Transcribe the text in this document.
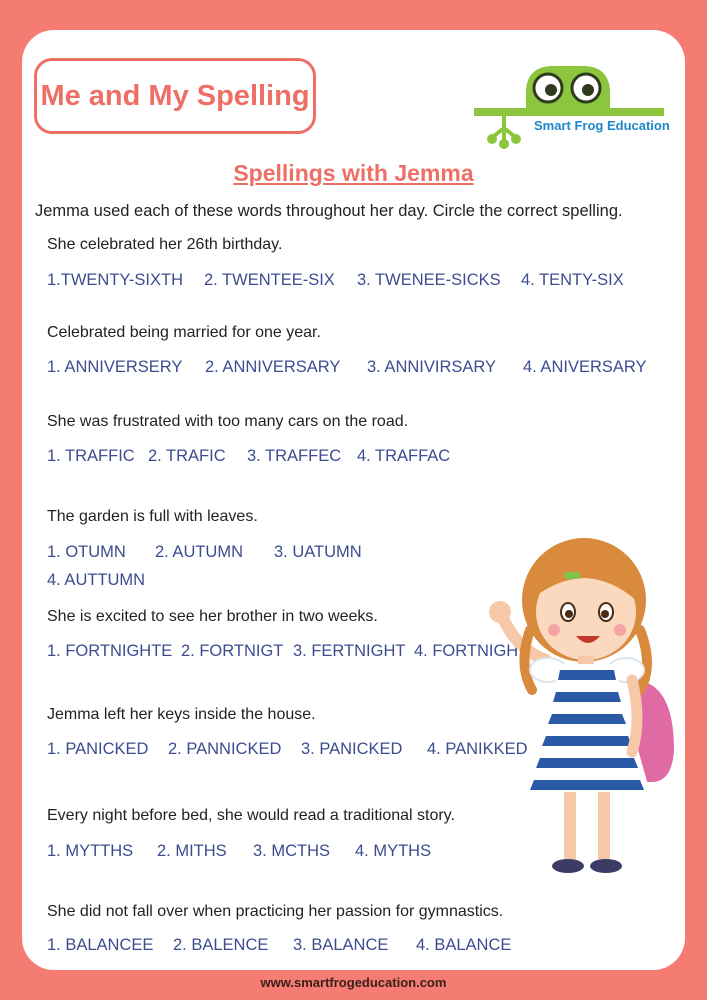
Me and My Spelling
Smart Frog Education
Spellings with Jemma
Jemma used each of these words throughout her day. Circle the correct spelling.
She celebrated her 26th birthday.
1.TWENTY-SIXTH 2. TWENTEE-SIX 3. TWENEE-SICKS 4. TENTY-SIX
Celebrated being married for one year.
1. ANNIVERSERY 2. ANNIVERSARY 3. ANNIVIRSARY 4. ANIVERSARY
She was frustrated with too many cars on the road.
1. TRAFFIC 2. TRAFIC 3. TRAFFEC 4. TRAFFAC
The garden is full with leaves.
1. OTUMN 2. AUTUMN 3. UATUMN
4. AUTTUMN
She is excited to see her brother in two weeks.
1. FORTNIGHTE 2. FORTNIGT 3. FERTNIGHT 4. FORTNIGHT
Jemma left her keys inside the house.
1. PANICKED 2. PANNICKED 3. PANICKED 4. PANIKKED
Every night before bed, she would read a traditional story.
1. MYTTHS 2. MITHS 3. MCTHS 4. MYTHS
She did not fall over when practicing her passion for gymnastics.
1. BALANCEE 2. BALENCE 3. BALANCE 4. BALANCE
www.smartfrogeducation.com
